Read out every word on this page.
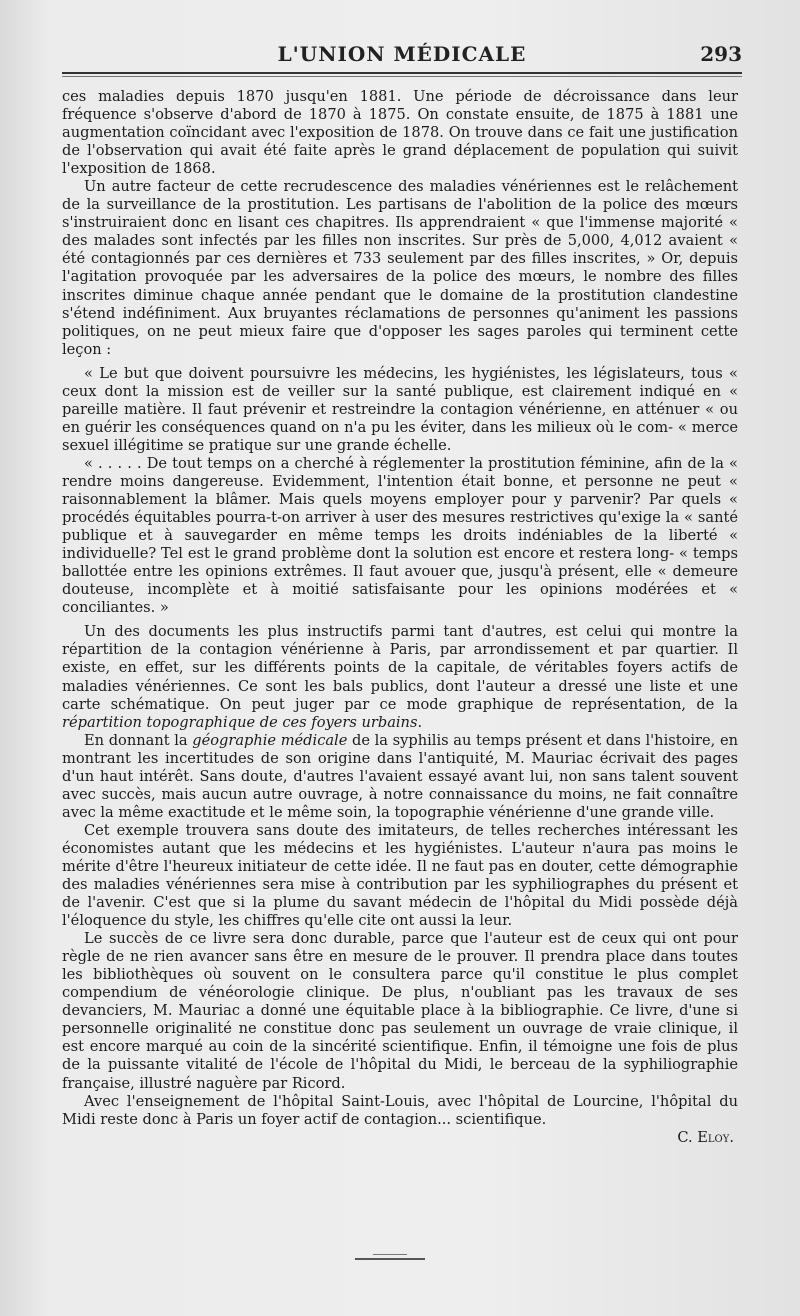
L'UNION MÉDICALE	293

ces maladies depuis 1870 jusqu'en 1881. Une période de décroissance dans leur fréquence s'observe d'abord de 1870 à 1875. On constate ensuite, de 1875 à 1881 une augmentation coïncidant avec l'exposition de 1878. On trouve dans ce fait une justification de l'observation qui avait été faite après le grand déplacement de population qui suivit l'exposition de 1868.

Un autre facteur de cette recrudescence des maladies vénériennes est le relâchement de la surveillance de la prostitution. Les partisans de l'abolition de la police des mœurs s'instruiraient donc en lisant ces chapitres. Ils apprendraient « que l'immense majorité « des malades sont infectés par les filles non inscrites. Sur près de 5,000, 4,012 avaient « été contagionnés par ces dernières et 733 seulement par des filles inscrites, » Or, depuis l'agitation provoquée par les adversaires de la police des mœurs, le nombre des filles inscrites diminue chaque année pendant que le domaine de la prostitution clandestine s'étend indéfiniment. Aux bruyantes réclamations de personnes qu'animent les passions politiques, on ne peut mieux faire que d'opposer les sages paroles qui terminent cette leçon :

« Le but que doivent poursuivre les médecins, les hygiénistes, les législateurs, tous « ceux dont la mission est de veiller sur la santé publique, est clairement indiqué en « pareille matière. Il faut prévenir et restreindre la contagion vénérienne, en atténuer « ou en guérir les conséquences quand on n'a pu les éviter, dans les milieux où le com- « merce sexuel illégitime se pratique sur une grande échelle.

« . . . . . De tout temps on a cherché à réglementer la prostitution féminine, afin de la « rendre moins dangereuse. Evidemment, l'intention était bonne, et personne ne peut « raisonnablement la blâmer. Mais quels moyens employer pour y parvenir? Par quels « procédés équitables pourra-t-on arriver à user des mesures restrictives qu'exige la « santé publique et à sauvegarder en même temps les droits indéniables de la liberté « individuelle? Tel est le grand problème dont la solution est encore et restera long- « temps ballottée entre les opinions extrêmes. Il faut avouer que, jusqu'à présent, elle « demeure douteuse, incomplète et à moitié satisfaisante pour les opinions modérées et « conciliantes. »

Un des documents les plus instructifs parmi tant d'autres, est celui qui montre la répartition de la contagion vénérienne à Paris, par arrondissement et par quartier. Il existe, en effet, sur les différents points de la capitale, de véritables foyers actifs de maladies vénériennes. Ce sont les bals publics, dont l'auteur a dressé une liste et une carte schématique. On peut juger par ce mode graphique de représentation, de la répartition topographique de ces foyers urbains.

En donnant la géographie médicale de la syphilis au temps présent et dans l'histoire, en montrant les incertitudes de son origine dans l'antiquité, M. Mauriac écrivait des pages d'un haut intérêt. Sans doute, d'autres l'avaient essayé avant lui, non sans talent souvent avec succès, mais aucun autre ouvrage, à notre connaissance du moins, ne fait connaître avec la même exactitude et le même soin, la topographie vénérienne d'une grande ville.

Cet exemple trouvera sans doute des imitateurs, de telles recherches intéressant les économistes autant que les médecins et les hygiénistes. L'auteur n'aura pas moins le mérite d'être l'heureux initiateur de cette idée. Il ne faut pas en douter, cette démographie des maladies vénériennes sera mise à contribution par les syphiliographes du présent et de l'avenir. C'est que si la plume du savant médecin de l'hôpital du Midi possède déjà l'éloquence du style, les chiffres qu'elle cite ont aussi la leur.

Le succès de ce livre sera donc durable, parce que l'auteur est de ceux qui ont pour règle de ne rien avancer sans être en mesure de le prouver. Il prendra place dans toutes les bibliothèques où souvent on le consultera parce qu'il constitue le plus complet compendium de vénéorologie clinique. De plus, n'oubliant pas les travaux de ses devanciers, M. Mauriac a donné une équitable place à la bibliographie. Ce livre, d'une si personnelle originalité ne constitue donc pas seulement un ouvrage de vraie clinique, il est encore marqué au coin de la sincérité scientifique. Enfin, il témoigne une fois de plus de la puissante vitalité de l'école de l'hôpital du Midi, le berceau de la syphiliographie française, illustré naguère par Ricord.

Avec l'enseignement de l'hôpital Saint-Louis, avec l'hôpital de Lourcine, l'hôpital du Midi reste donc à Paris un foyer actif de contagion... scientifique.

C. Eloy.
